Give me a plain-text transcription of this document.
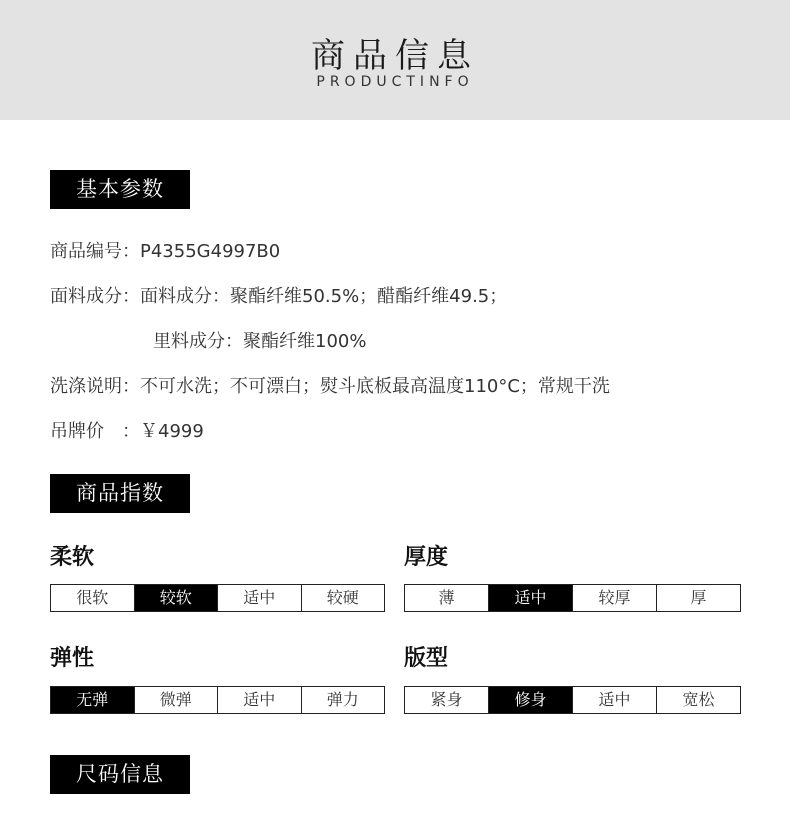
商品信息
PRODUCTINFO
基本参数
商品编号：P4355G4997B0
面料成分：面料成分：聚酯纤维50.5%；醋酯纤维49.5；
里料成分：聚酯纤维100%
洗涤说明：不可水洗；不可漂白；熨斗底板最高温度110°C；常规干洗
吊牌价　：￥4999
商品指数
柔软
很软	较软	适中	较硬
厚度
薄	适中	较厚	厚
弹性
无弹	微弹	适中	弹力
版型
紧身	修身	适中	宽松
尺码信息
